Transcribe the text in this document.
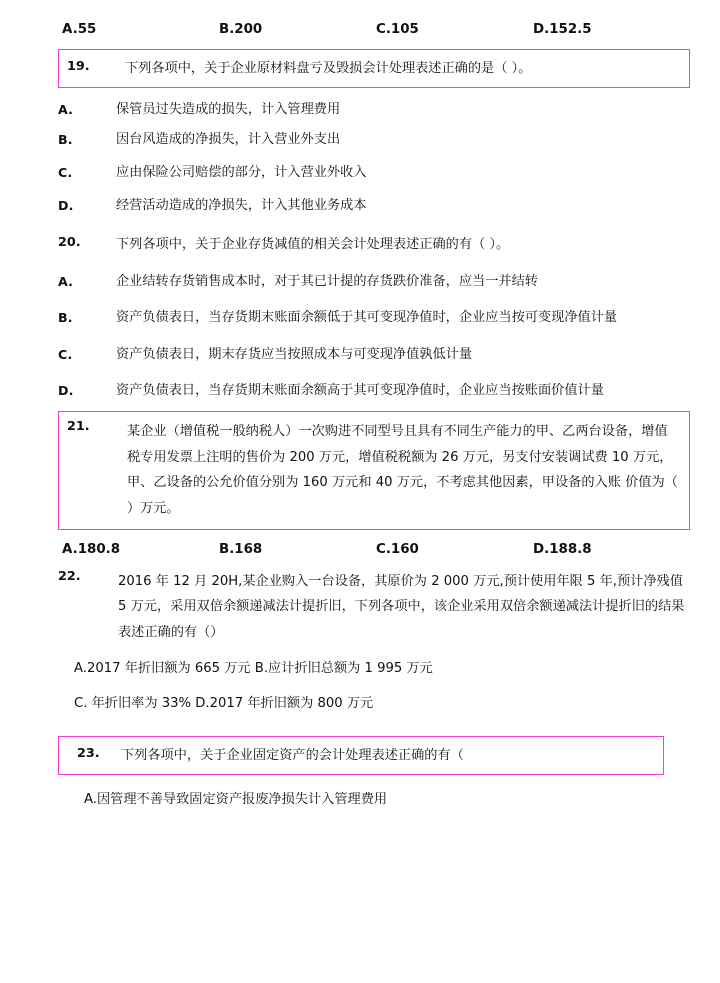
A.55	B.200	C.105	D.152.5
19.	下列各项中，关于企业原材料盘亏及毁损会计处理表述正确的是（ ）。
A.	保管员过失造成的损失，计入管理费用
B.	因台风造成的净损失，计入营业外支出
C.	应由保险公司赔偿的部分，计入营业外收入
D.	经营活动造成的净损失，计入其他业务成本
20.	下列各项中，关于企业存货减值的相关会计处理表述正确的有（ ）。
A.	企业结转存货销售成本时，对于其已计提的存货跌价准备，应当一并结转
B.	资产负债表日，当存货期末账面余额低于其可变现净值时，企业应当按可变现净值计量
C.	资产负债表日，期末存货应当按照成本与可变现净值孰低计量
D.	资产负债表日，当存货期末账面余额高于其可变现净值时，企业应当按账面价值计量
21.	某企业（增值税一般纳税人）一次购进不同型号且具有不同生产能力的甲、乙两台设备，增值税专用发票上注明的售价为 200 万元，增值税税额为 26 万元，另支付安装调试费 10 万元，甲、乙设备的公允价值分别为 160 万元和 40 万元，不考虑其他因素，甲设备的入账 价值为（ ）万元。
A.180.8	B.168	C.160	D.188.8
22.	2016 年 12 月 20H,某企业购入一台设备，其原价为 2 000 万元,预计使用年限 5 年,预计净残值 5 万元，采用双倍余额递减法计提折旧，下列各项中，该企业采用双倍余额递减法计提折旧的结果表述正确的有（）
A.2017 年折旧额为 665 万元 B.应计折旧总额为 1 995 万元
C. 年折旧率为 33% D.2017 年折旧额为 800 万元
23.	下列各项中，关于企业固定资产的会计处理表述正确的有（
A.因管理不善导致固定资产报废净损失计入管理费用
